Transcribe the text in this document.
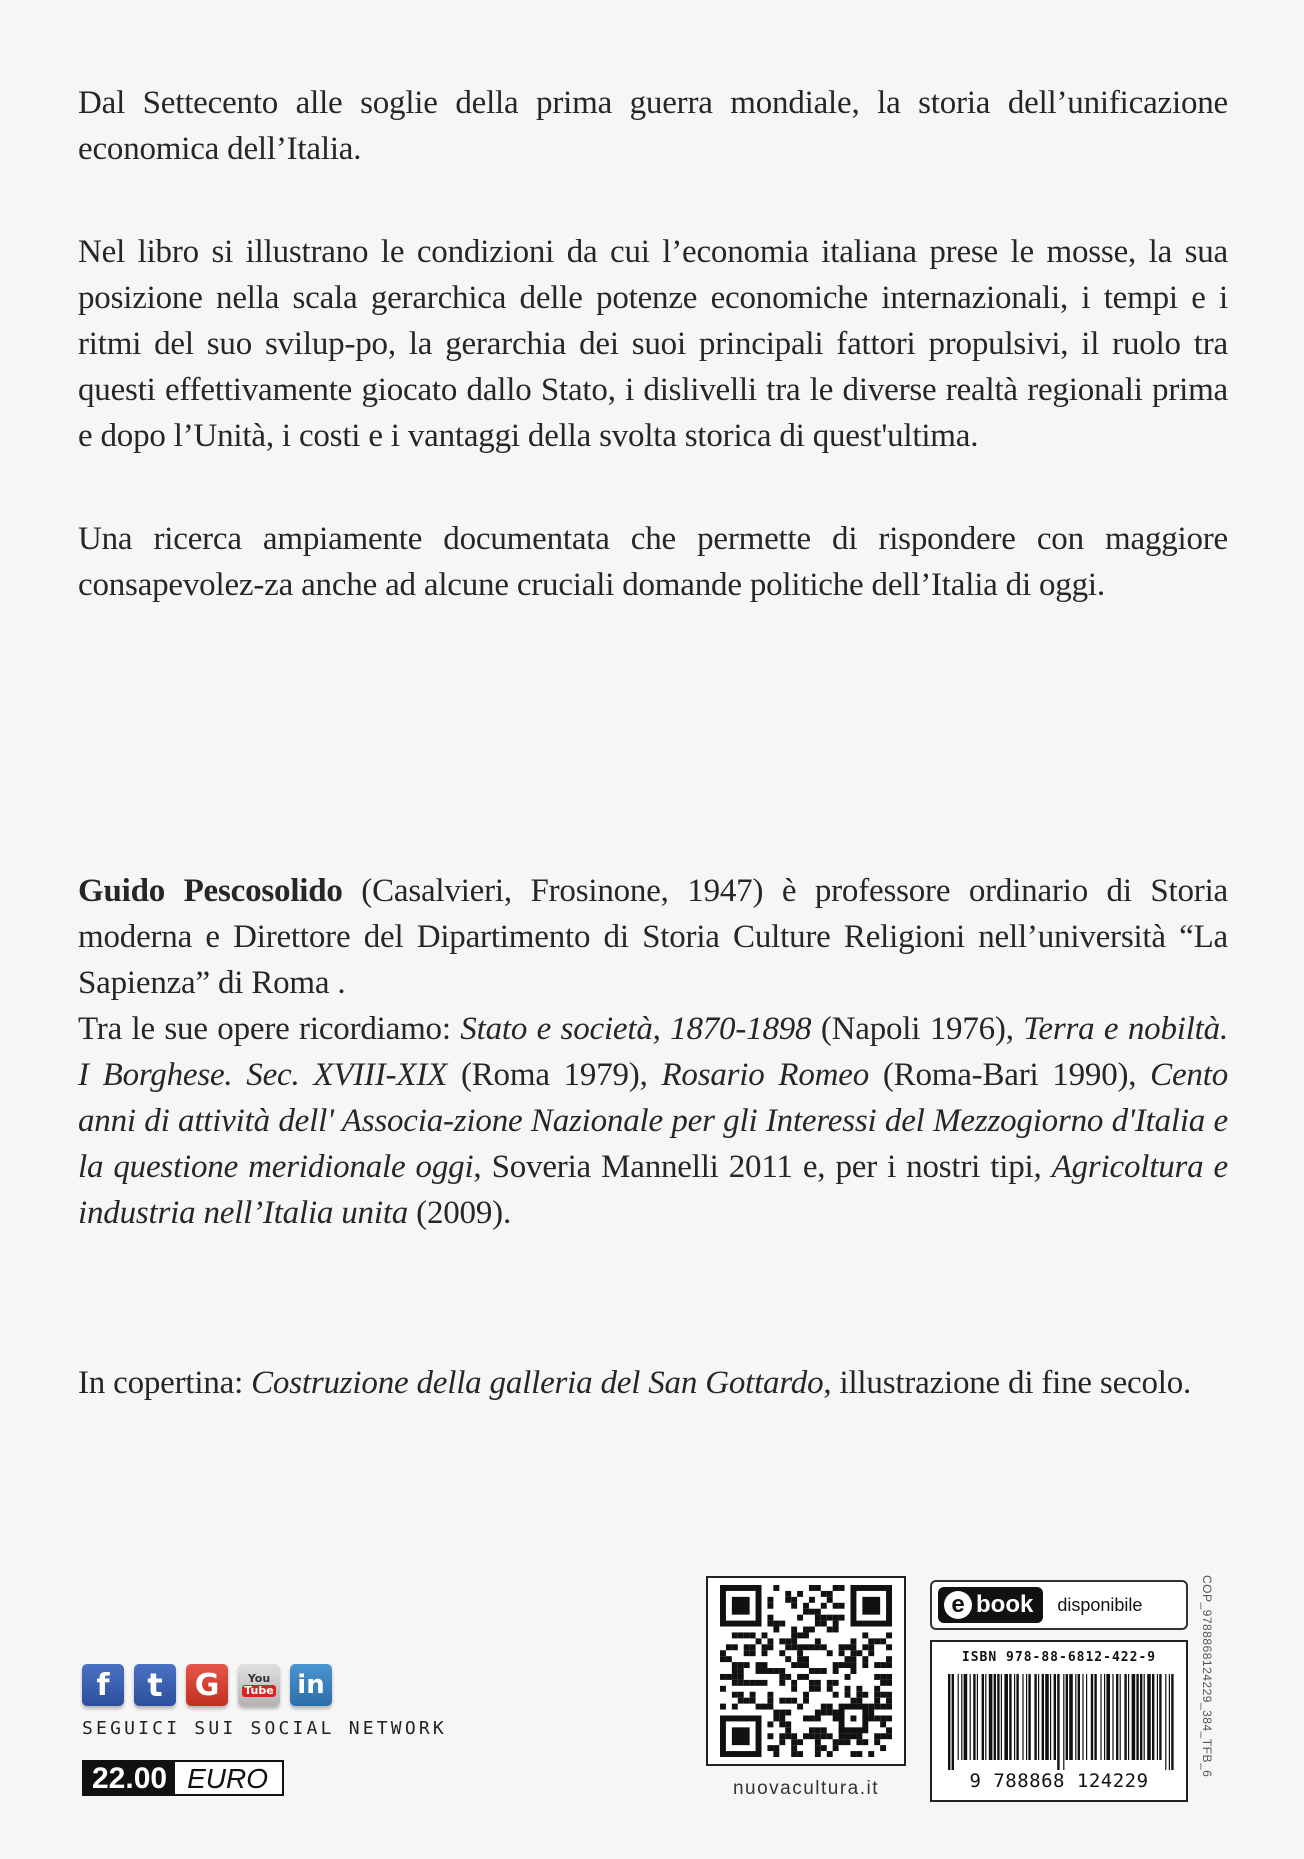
Dal Settecento alle soglie della prima guerra mondiale, la storia dell’unificazione economica dell’Italia.

Nel libro si illustrano le condizioni da cui l’economia italiana prese le mosse, la sua posizione nella scala gerarchica delle potenze economiche internazionali, i tempi e i ritmi del suo svilup-po, la gerarchia dei suoi principali fattori propulsivi, il ruolo tra questi effettivamente giocato dallo Stato, i dislivelli tra le diverse realtà regionali prima e dopo l’Unità, i costi e i vantaggi della svolta storica di quest'ultima.

Una ricerca ampiamente documentata che permette di rispondere con maggiore consapevolez-za anche ad alcune cruciali domande politiche dell’Italia di oggi.

Guido Pescosolido (Casalvieri, Frosinone, 1947) è professore ordinario di Storia moderna e Direttore del Dipartimento di Storia Culture Religioni nell’università “La Sapienza” di Roma .
Tra le sue opere ricordiamo: Stato e società, 1870-1898 (Napoli 1976), Terra e nobiltà. I Borghese. Sec. XVIII-XIX (Roma 1979), Rosario Romeo (Roma-Bari 1990), Cento anni di attività dell' Associa-zione Nazionale per gli Interessi del Mezzogiorno d'Italia e la questione meridionale oggi, Soveria Mannelli 2011 e, per i nostri tipi, Agricoltura e industria nell’Italia unita (2009).

In copertina: Costruzione della galleria del San Gottardo, illustrazione di fine secolo.

f	t	G	You
Tube in
SEGUICI SUI SOCIAL NETWORK
22.00 EURO	nuovacultura.it
e book disponibile
ISBN 978-88-6812-422-9
9 788868 124229
COP_9788868124229_384_TFB_6
